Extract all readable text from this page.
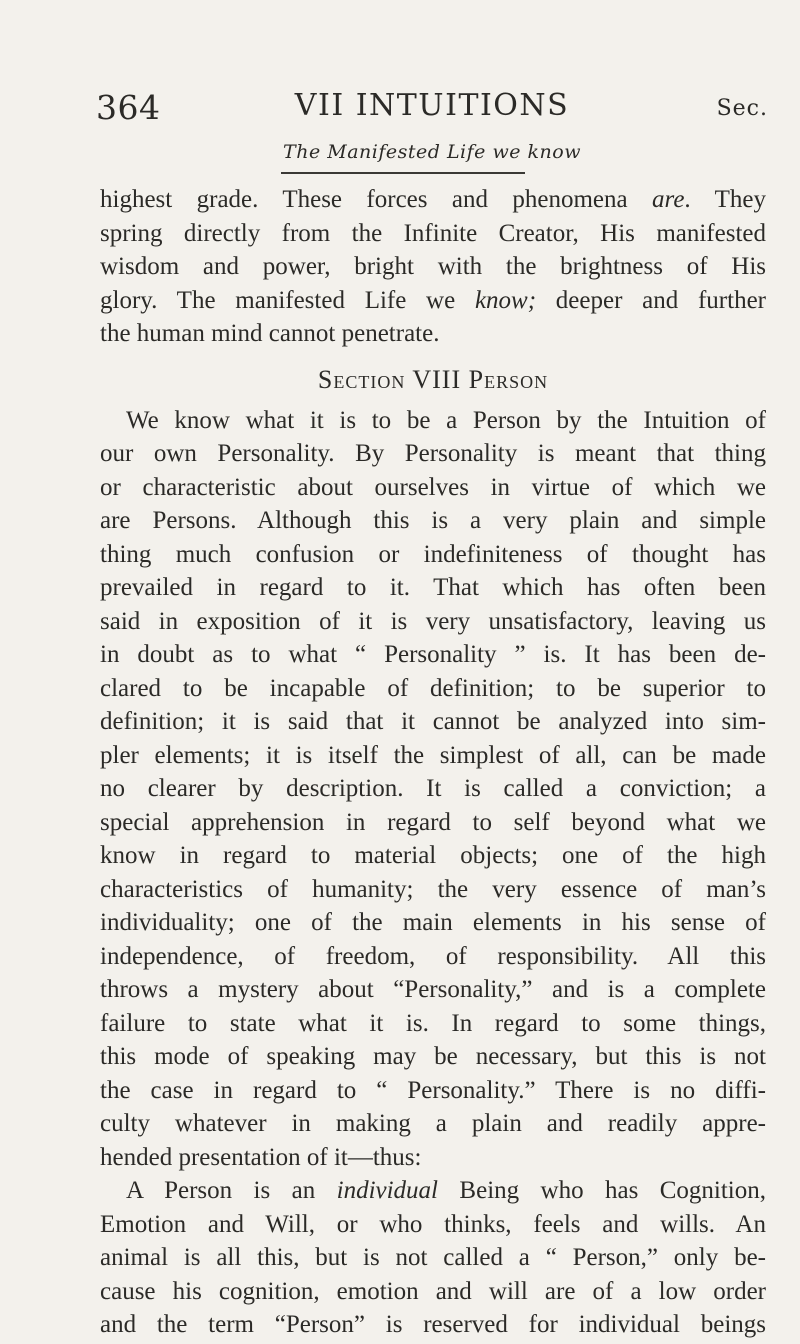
364	VII INTUITIONS	Sec.
The Manifested Life we know
highest grade. These forces and phenomena are. They
spring directly from the Infinite Creator, His manifested
wisdom and power, bright with the brightness of His
glory. The manifested Life we know; deeper and further
the human mind cannot penetrate.
Section VIII Person
We know what it is to be a Person by the Intuition of
our own Personality. By Personality is meant that thing
or characteristic about ourselves in virtue of which we
are Persons. Although this is a very plain and simple
thing much confusion or indefiniteness of thought has
prevailed in regard to it. That which has often been
said in exposition of it is very unsatisfactory, leaving us
in doubt as to what “ Personality ” is. It has been de-
clared to be incapable of definition; to be superior to
definition; it is said that it cannot be analyzed into sim-
pler elements; it is itself the simplest of all, can be made
no clearer by description. It is called a conviction; a
special apprehension in regard to self beyond what we
know in regard to material objects; one of the high
characteristics of humanity; the very essence of man’s
individuality; one of the main elements in his sense of
independence, of freedom, of responsibility. All this
throws a mystery about “Personality,” and is a complete
failure to state what it is. In regard to some things,
this mode of speaking may be necessary, but this is not
the case in regard to “ Personality.” There is no diffi-
culty whatever in making a plain and readily appre-
hended presentation of it—thus:
A Person is an individual Being who has Cognition,
Emotion and Will, or who thinks, feels and wills. An
animal is all this, but is not called a “ Person,” only be-
cause his cognition, emotion and will are of a low order
and the term “Person” is reserved for individual beings
